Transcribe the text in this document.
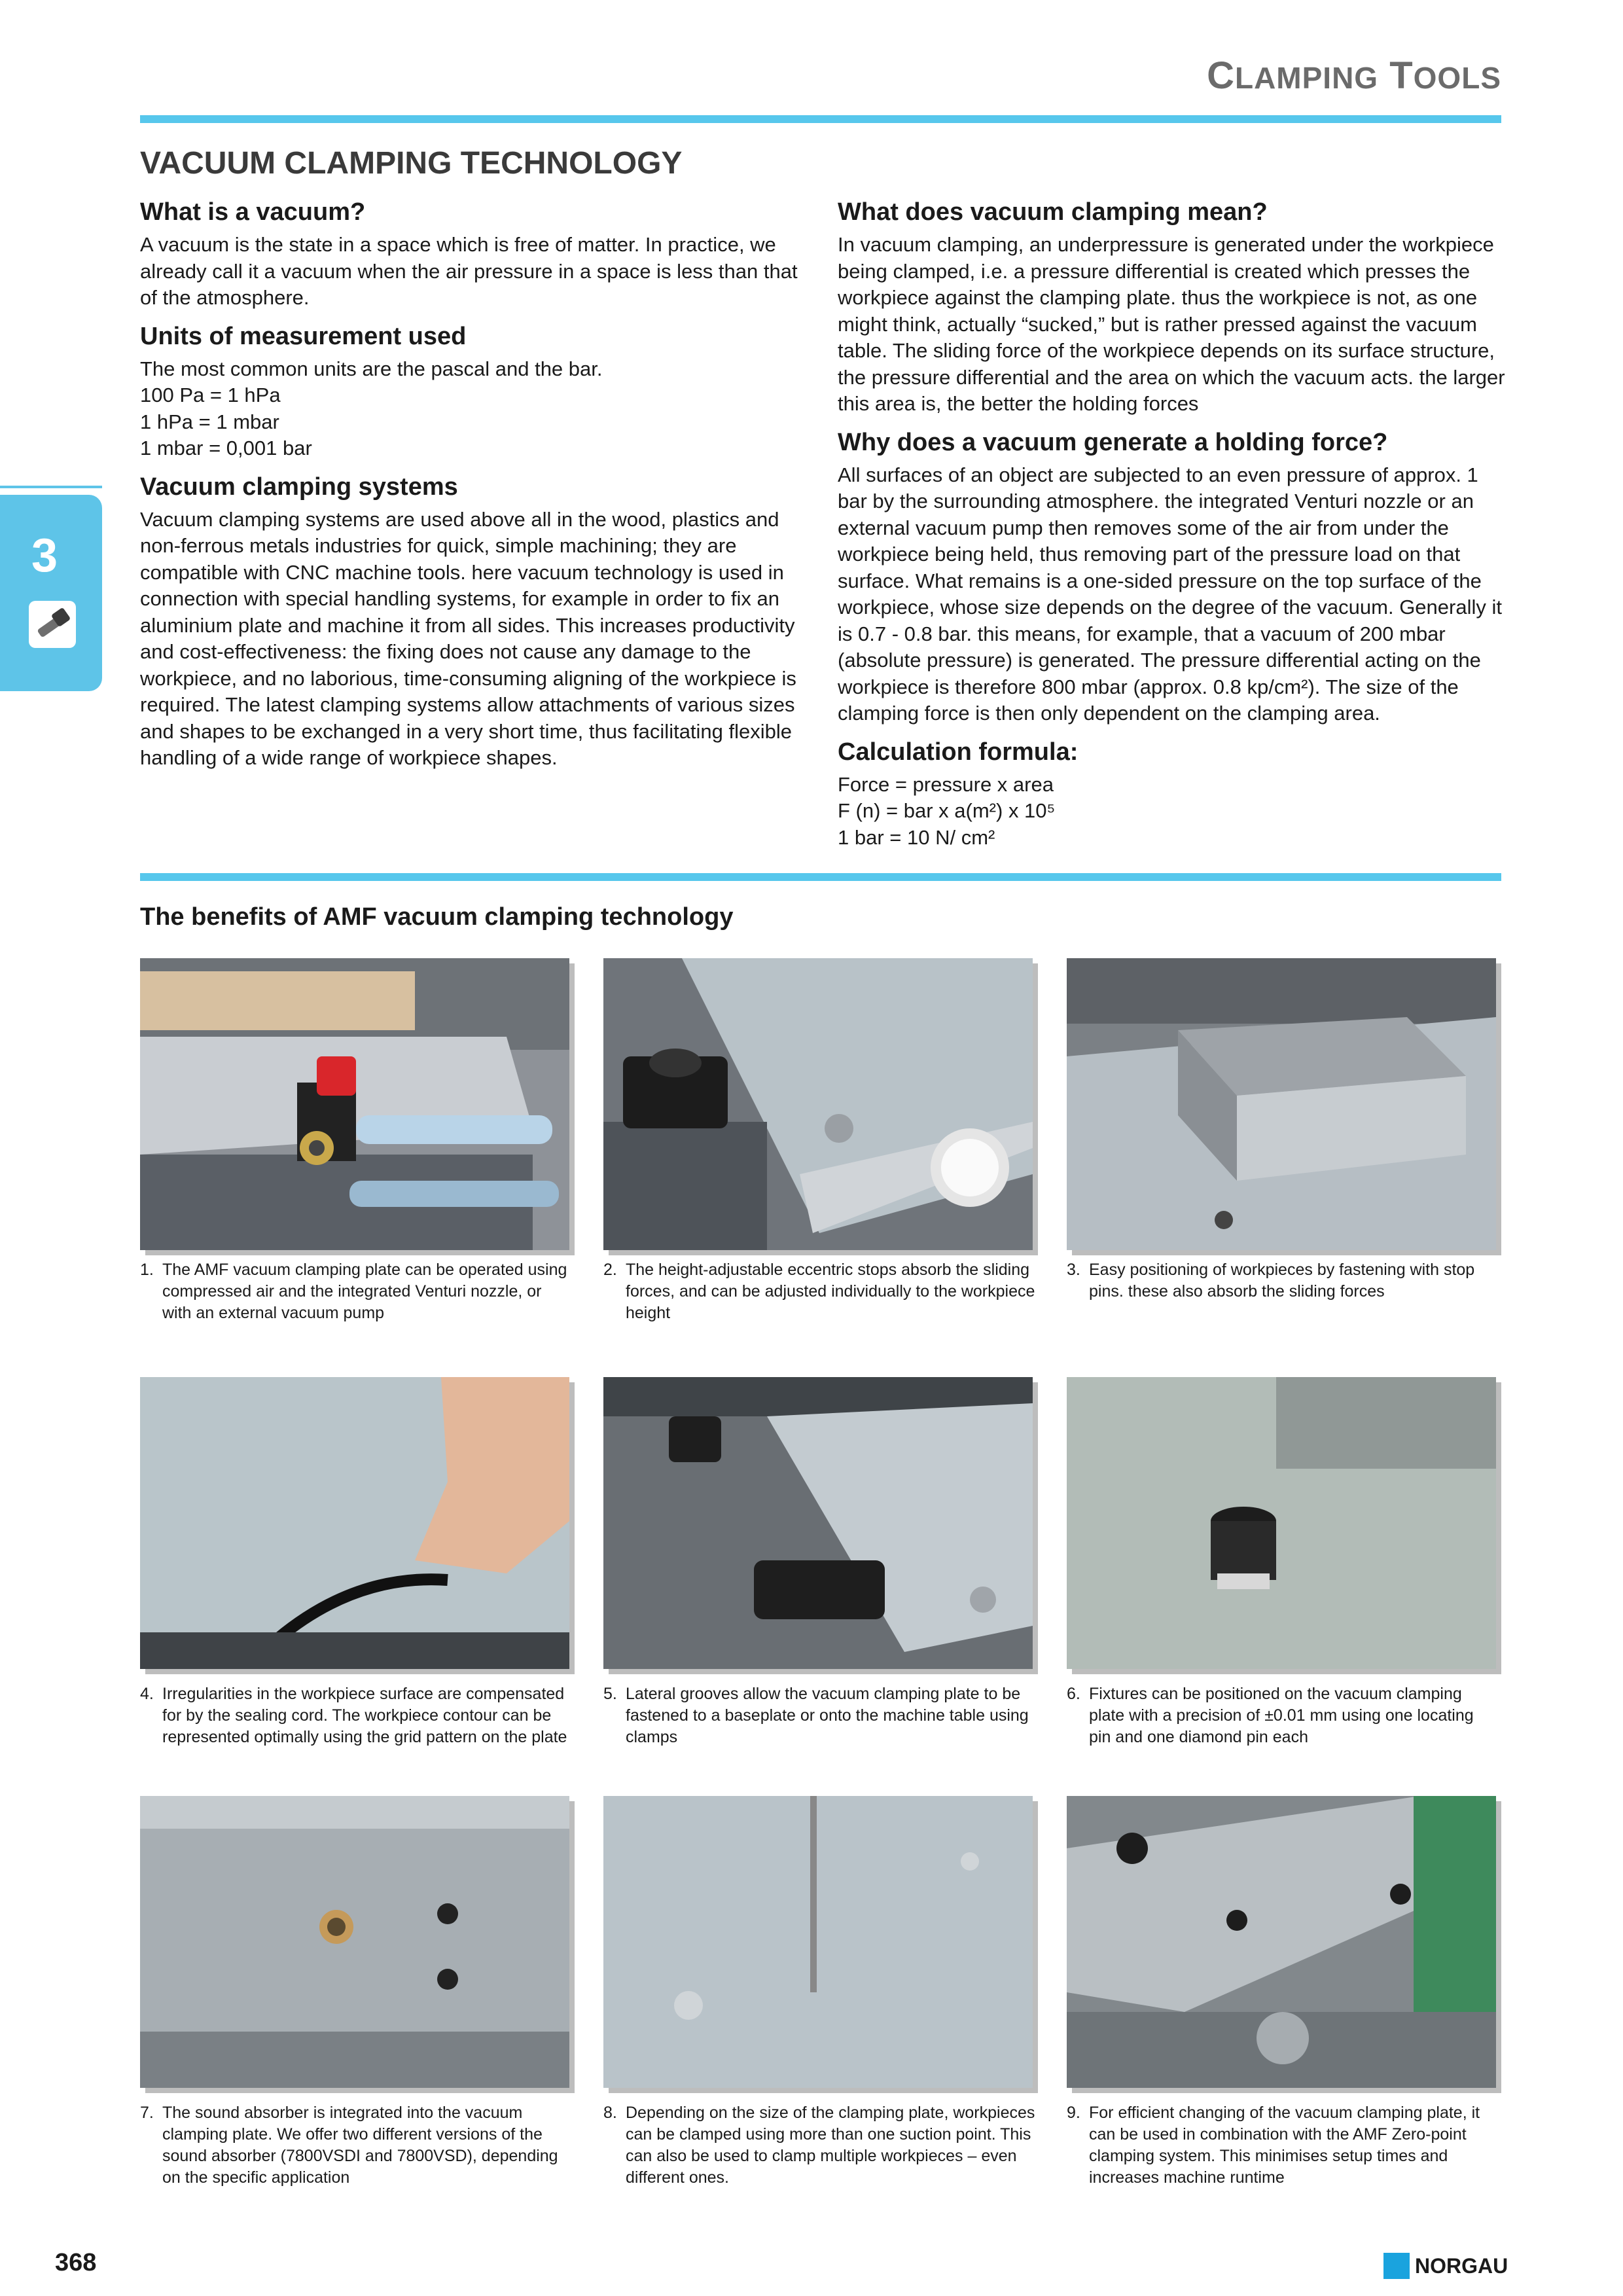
CLAMPING TOOLS
3
VACUUM CLAMPING TECHNOLOGY
What is a vacuum?

A vacuum is the state in a space which is free of matter. In practice, we already call it a vacuum when the air pressure in a space is less than that of the atmosphere.

Units of measurement used

The most common units are the pascal and the bar.
100 Pa = 1 hPa
1 hPa = 1 mbar
1 mbar = 0,001 bar

Vacuum clamping systems

Vacuum clamping systems are used above all in the wood, plastics and non-ferrous metals industries for quick, simple machining; they are compatible with CNC machine tools. here vacuum technology is used in connection with special handling systems, for example in order to fix an aluminium plate and machine it from all sides. This increases productivity and cost-effectiveness: the fixing does not cause any damage to the workpiece, and no laborious, time-consuming aligning of the workpiece is required. The latest clamping systems allow attachments of various sizes and shapes to be exchanged in a very short time, thus facilitating flexible handling of a wide range of workpiece shapes.

What does vacuum clamping mean?

In vacuum clamping, an underpressure is generated under the workpiece being clamped, i.e. a pressure differential is created which presses the workpiece against the clamping plate. thus the workpiece is not, as one might think, actually “sucked,” but is rather pressed against the vacuum table. The sliding force of the workpiece depends on its surface structure, the pressure differential and the area on which the vacuum acts. the larger this area is, the better the holding forces

Why does a vacuum generate a holding force?

All surfaces of an object are subjected to an even pressure of approx. 1 bar by the surrounding atmosphere. the integrated Venturi nozzle or an external vacuum pump then removes some of the air from under the workpiece being held, thus removing part of the pressure load on that surface. What remains is a one-sided pressure on the top surface of the workpiece, whose size depends on the degree of the vacuum. Generally it is 0.7 - 0.8 bar. this means, for example, that a vacuum of 200 mbar (absolute pressure) is generated. The pressure differential acting on the workpiece is therefore 800 mbar (approx. 0.8 kp/cm²). The size of the clamping force is then only dependent on the clamping area.

Calculation formula:

Force = pressure x area
F (n) = bar x a(m²) x 10⁵
1 bar = 10 N/ cm²

The benefits of AMF vacuum clamping technology
1. The AMF vacuum clamping plate can be operated using compressed air and the integrated Venturi nozzle, or with an external vacuum pump
2. The height-adjustable eccentric stops absorb the sliding forces, and can be adjusted individually to the workpiece height
3. Easy positioning of workpieces by fastening with stop pins. these also absorb the sliding forces
4. Irregularities in the workpiece surface are compensated for by the sealing cord. The workpiece contour can be represented optimally using the grid pattern on the plate
5. Lateral grooves allow the vacuum clamping plate to be fastened to a baseplate or onto the machine table using clamps
6. Fixtures can be positioned on the vacuum clamping plate with a precision of ±0.01 mm using one locating pin and one diamond pin each
7. The sound absorber is integrated into the vacuum clamping plate. We offer two different versions of the sound absorber (7800VSDI and 7800VSD), depending on the specific application
8. Depending on the size of the clamping plate, workpieces can be clamped using more than one suction point. This can also be used to clamp multiple workpieces – even different ones.
9. For efficient changing of the vacuum clamping plate, it can be used in combination with the AMF Zero-point clamping system. This minimises setup times and increases machine runtime
368	NORGAU
